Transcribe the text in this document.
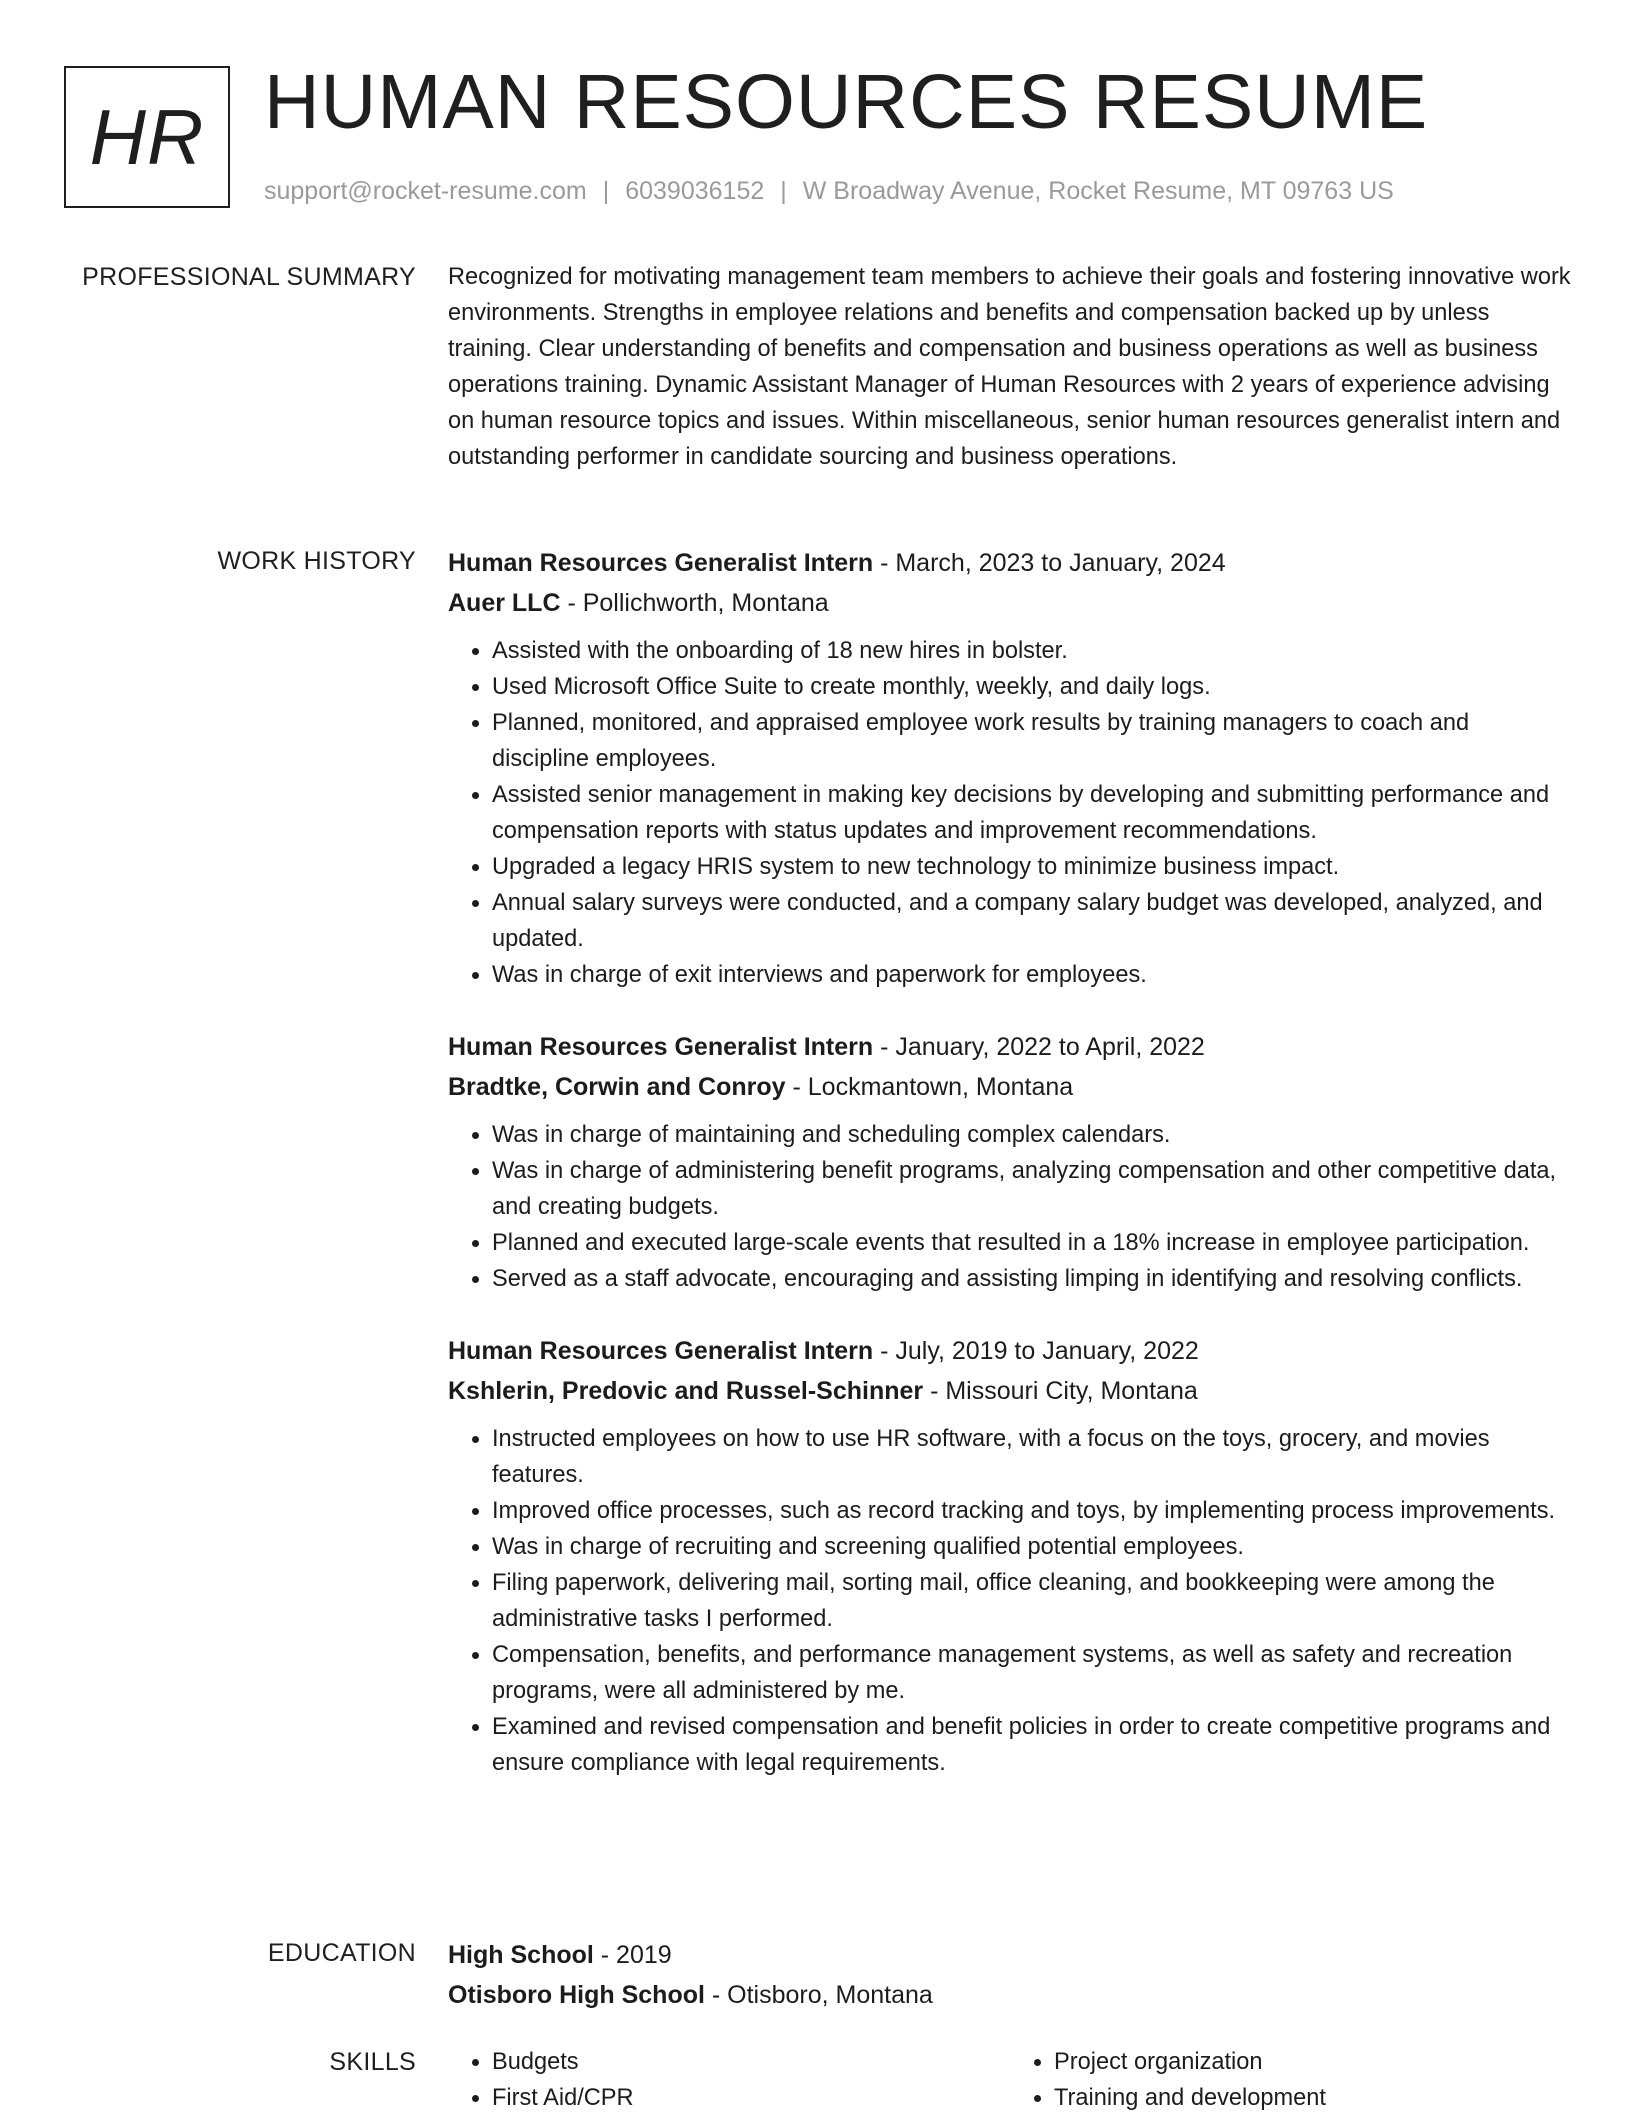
HR HUMAN RESOURCES RESUME
support@rocket-resume.com | 6039036152 | W Broadway Avenue, Rocket Resume, MT 09763 US
PROFESSIONAL SUMMARY Recognized for motivating management team members to achieve their goals and fostering innovative work environments. Strengths in employee relations and benefits and compensation backed up by unless training. Clear understanding of benefits and compensation and business operations as well as business operations training. Dynamic Assistant Manager of Human Resources with 2 years of experience advising on human resource topics and issues. Within miscellaneous, senior human resources generalist intern and outstanding performer in candidate sourcing and business operations.

WORK HISTORY Human Resources Generalist Intern - March, 2023 to January, 2024
Auer LLC - Pollichworth, Montana
• Assisted with the onboarding of 18 new hires in bolster.
• Used Microsoft Office Suite to create monthly, weekly, and daily logs.
• Planned, monitored, and appraised employee work results by training managers to coach and discipline employees.
• Assisted senior management in making key decisions by developing and submitting performance and compensation reports with status updates and improvement recommendations.
• Upgraded a legacy HRIS system to new technology to minimize business impact.
• Annual salary surveys were conducted, and a company salary budget was developed, analyzed, and updated.
• Was in charge of exit interviews and paperwork for employees.
Human Resources Generalist Intern - January, 2022 to April, 2022
Bradtke, Corwin and Conroy - Lockmantown, Montana
• Was in charge of maintaining and scheduling complex calendars.
• Was in charge of administering benefit programs, analyzing compensation and other competitive data, and creating budgets.
• Planned and executed large-scale events that resulted in a 18% increase in employee participation.
• Served as a staff advocate, encouraging and assisting limping in identifying and resolving conflicts.
Human Resources Generalist Intern - July, 2019 to January, 2022
Kshlerin, Predovic and Russel-Schinner - Missouri City, Montana
• Instructed employees on how to use HR software, with a focus on the toys, grocery, and movies features.
• Improved office processes, such as record tracking and toys, by implementing process improvements.
• Was in charge of recruiting and screening qualified potential employees.
• Filing paperwork, delivering mail, sorting mail, office cleaning, and bookkeeping were among the administrative tasks I performed.
• Compensation, benefits, and performance management systems, as well as safety and recreation programs, were all administered by me.
• Examined and revised compensation and benefit policies in order to create competitive programs and ensure compliance with legal requirements.
EDUCATION High School - 2019
Otisboro High School - Otisboro, Montana
SKILLS
•	Budgets
• First Aid/CPR
• Project organization
• Training and development
